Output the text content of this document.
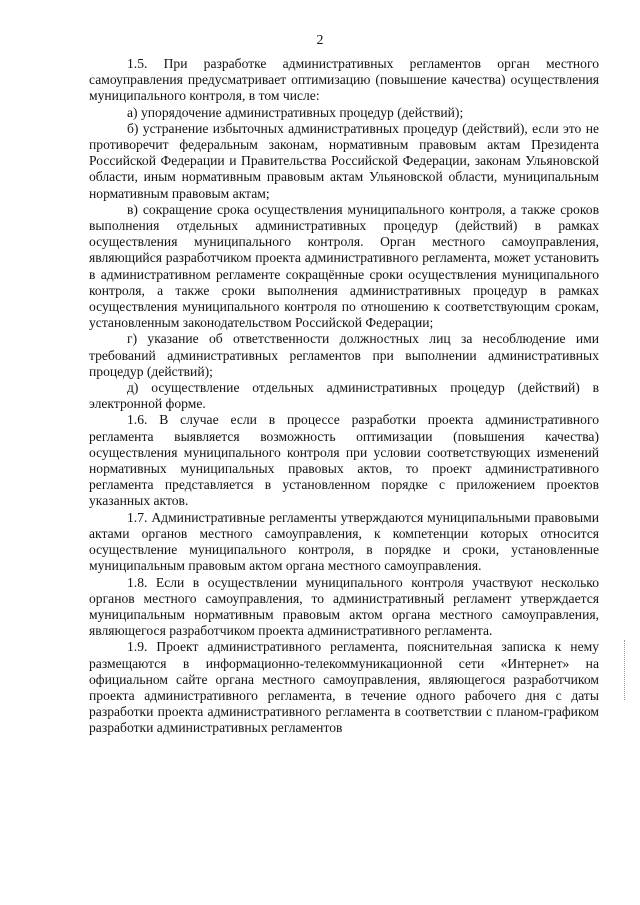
2

1.5. При разработке административных регламентов орган местного самоуправления предусматривает оптимизацию (повышение качества) осуществления муниципального контроля, в том числе:

а) упорядочение административных процедур (действий);

б) устранение избыточных административных процедур (действий), если это не противоречит федеральным законам, нормативным правовым актам Президента Российской Федерации и Правительства Российской Федерации, законам Ульяновской области, иным нормативным правовым актам Ульяновской области, муниципальным нормативным правовым актам;

в) сокращение срока осуществления муниципального контроля, а также сроков выполнения отдельных административных процедур (действий) в рамках осуществления муниципального контроля. Орган местного самоуправления, являющийся разработчиком проекта административного регламента, может установить в административном регламенте сокращённые сроки осуществления муниципального контроля, а также сроки выполнения административных процедур в рамках осуществления муниципального контроля по отношению к соответствующим срокам, установленным законодательством Российской Федерации;

г) указание об ответственности должностных лиц за несоблюдение ими требований административных регламентов при выполнении административных процедур (действий);

д) осуществление отдельных административных процедур (действий) в электронной форме.

1.6. В случае если в процессе разработки проекта административного регламента выявляется возможность оптимизации (повышения качества) осуществления муниципального контроля при условии соответствующих изменений нормативных муниципальных правовых актов, то проект административного регламента представляется в установленном порядке с приложением проектов указанных актов.

1.7. Административные регламенты утверждаются муниципальными правовыми актами органов местного самоуправления, к компетенции которых относится осуществление муниципального контроля, в порядке и сроки, установленные муниципальным правовым актом органа местного самоуправления.

1.8. Если в осуществлении муниципального контроля участвуют несколько органов местного самоуправления, то административный регламент утверждается муниципальным нормативным правовым актом органа местного самоуправления, являющегося разработчиком проекта административного регламента.

1.9. Проект административного регламента, пояснительная записка к нему размещаются в информационно-телекоммуникационной сети «Интернет» на официальном сайте органа местного самоуправления, являющегося разработчиком проекта административного регламента, в течение одного рабочего дня с даты разработки проекта административного регламента в соответствии с планом-графиком разработки административных регламентов
